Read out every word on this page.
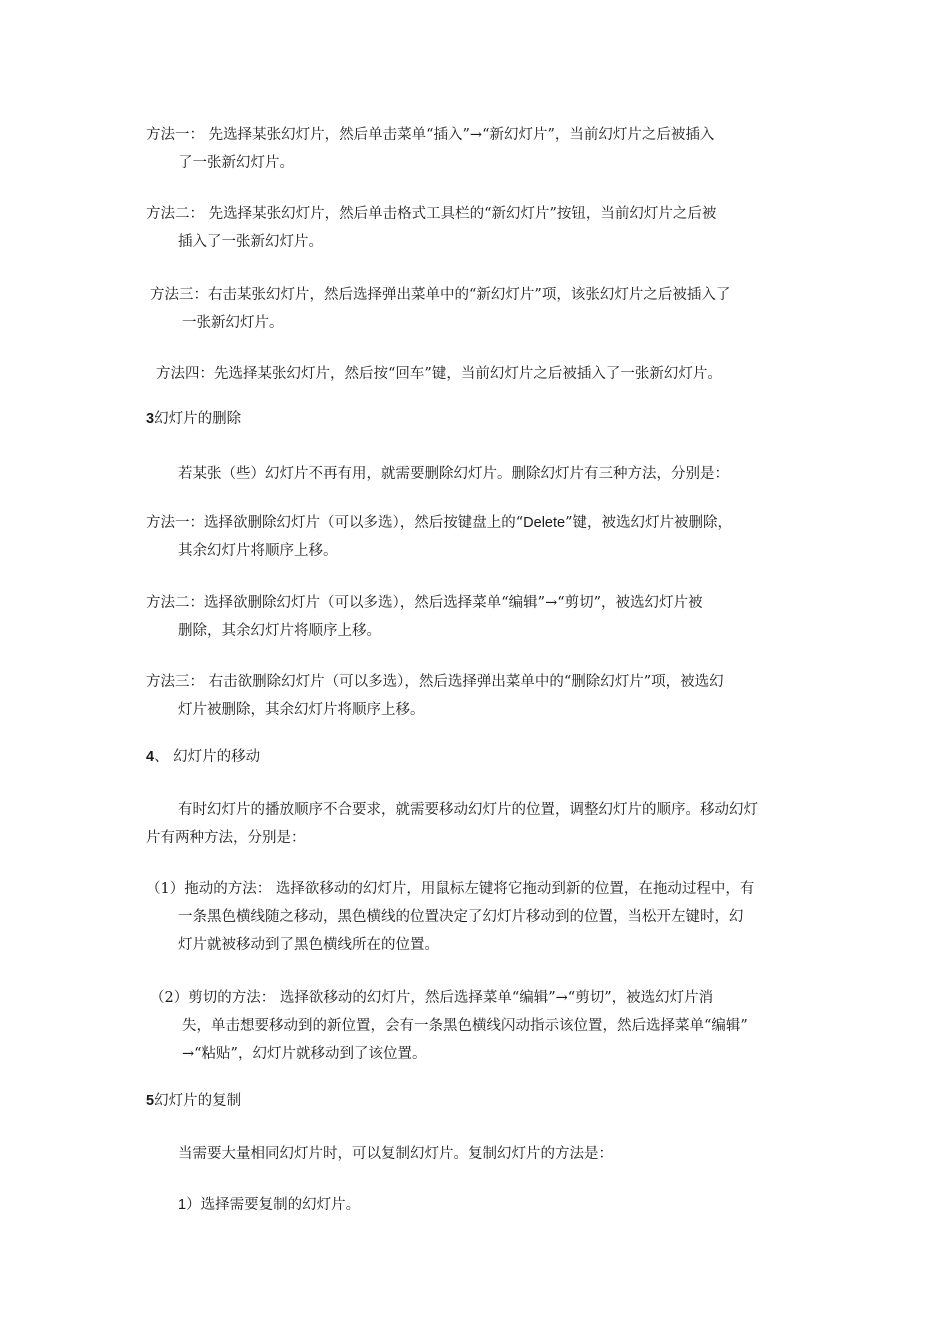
方法一： 先选择某张幻灯片，然后单击菜单“插入”→“新幻灯片”，当前幻灯片之后被插入
了一张新幻灯片。
方法二： 先选择某张幻灯片，然后单击格式工具栏的“新幻灯片”按钮，当前幻灯片之后被
插入了一张新幻灯片。
方法三：右击某张幻灯片，然后选择弹出菜单中的“新幻灯片”项，该张幻灯片之后被插入了
一张新幻灯片。
方法四：先选择某张幻灯片，然后按“回车”键，当前幻灯片之后被插入了一张新幻灯片。
3幻灯片的删除
若某张（些）幻灯片不再有用，就需要删除幻灯片。删除幻灯片有三种方法，分别是：
方法一：选择欲删除幻灯片（可以多选），然后按键盘上的“Delete”键，被选幻灯片被删除，
其余幻灯片将顺序上移。
方法二：选择欲删除幻灯片（可以多选），然后选择菜单“编辑”→“剪切”，被选幻灯片被
删除，其余幻灯片将顺序上移。
方法三： 右击欲删除幻灯片（可以多选），然后选择弹出菜单中的“删除幻灯片”项，被选幻
灯片被删除，其余幻灯片将顺序上移。
4、 幻灯片的移动
有时幻灯片的播放顺序不合要求，就需要移动幻灯片的位置，调整幻灯片的顺序。移动幻灯
片有两种方法，分别是：
（1）拖动的方法： 选择欲移动的幻灯片，用鼠标左键将它拖动到新的位置，在拖动过程中，有
一条黑色横线随之移动，黑色横线的位置决定了幻灯片移动到的位置，当松开左键时，幻
灯片就被移动到了黑色横线所在的位置。
（2）剪切的方法： 选择欲移动的幻灯片，然后选择菜单“编辑”→“剪切”，被选幻灯片消
失，单击想要移动到的新位置，会有一条黑色横线闪动指示该位置，然后选择菜单“编辑”
→“粘贴”，幻灯片就移动到了该位置。
5幻灯片的复制
当需要大量相同幻灯片时，可以复制幻灯片。复制幻灯片的方法是：
1）选择需要复制的幻灯片。
